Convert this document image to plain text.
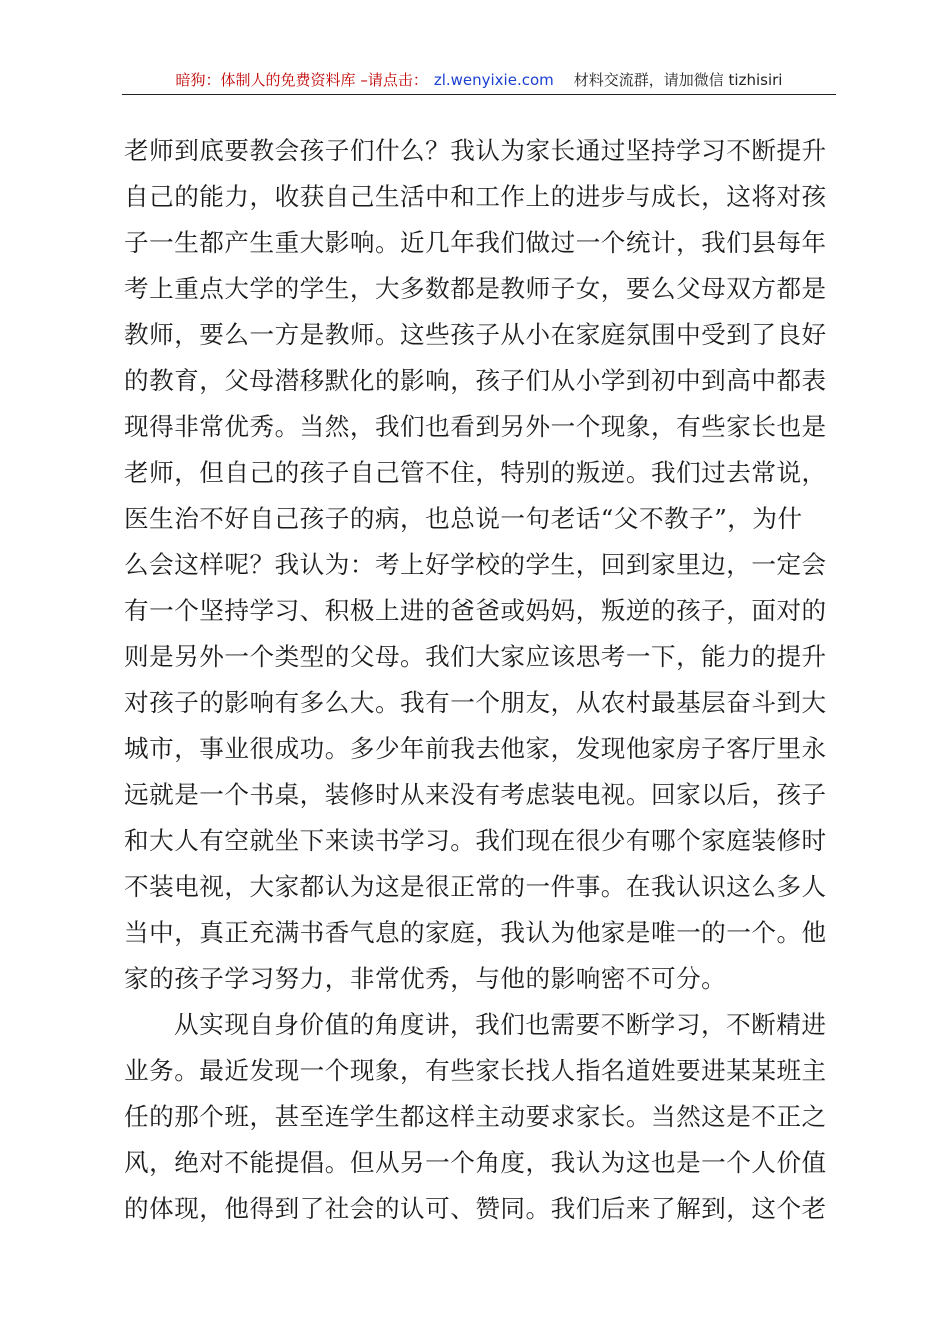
暗狗：体制人的免费资料库 –请点击： zl.wenyixie.com 材料交流群，请加微信 tizhisiri
老师到底要教会孩子们什么？我认为家长通过坚持学习不断提升
自己的能力，收获自己生活中和工作上的进步与成长，这将对孩
子一生都产生重大影响。近几年我们做过一个统计，我们县每年
考上重点大学的学生，大多数都是教师子女，要么父母双方都是
教师，要么一方是教师。这些孩子从小在家庭氛围中受到了良好
的教育，父母潜移默化的影响，孩子们从小学到初中到高中都表
现得非常优秀。当然，我们也看到另外一个现象，有些家长也是
老师，但自己的孩子自己管不住，特别的叛逆。我们过去常说，
医生治不好自己孩子的病，也总说一句老话“父不教子”，为什
么会这样呢？我认为：考上好学校的学生，回到家里边，一定会
有一个坚持学习、积极上进的爸爸或妈妈，叛逆的孩子，面对的
则是另外一个类型的父母。我们大家应该思考一下，能力的提升
对孩子的影响有多么大。我有一个朋友，从农村最基层奋斗到大
城市，事业很成功。多少年前我去他家，发现他家房子客厅里永
远就是一个书桌，装修时从来没有考虑装电视。回家以后，孩子
和大人有空就坐下来读书学习。我们现在很少有哪个家庭装修时
不装电视，大家都认为这是很正常的一件事。在我认识这么多人
当中，真正充满书香气息的家庭，我认为他家是唯一的一个。他
家的孩子学习努力，非常优秀，与他的影响密不可分。
从实现自身价值的角度讲，我们也需要不断学习，不断精进
业务。最近发现一个现象，有些家长找人指名道姓要进某某班主
任的那个班，甚至连学生都这样主动要求家长。当然这是不正之
风，绝对不能提倡。但从另一个角度，我认为这也是一个人价值
的体现，他得到了社会的认可、赞同。我们后来了解到，这个老
